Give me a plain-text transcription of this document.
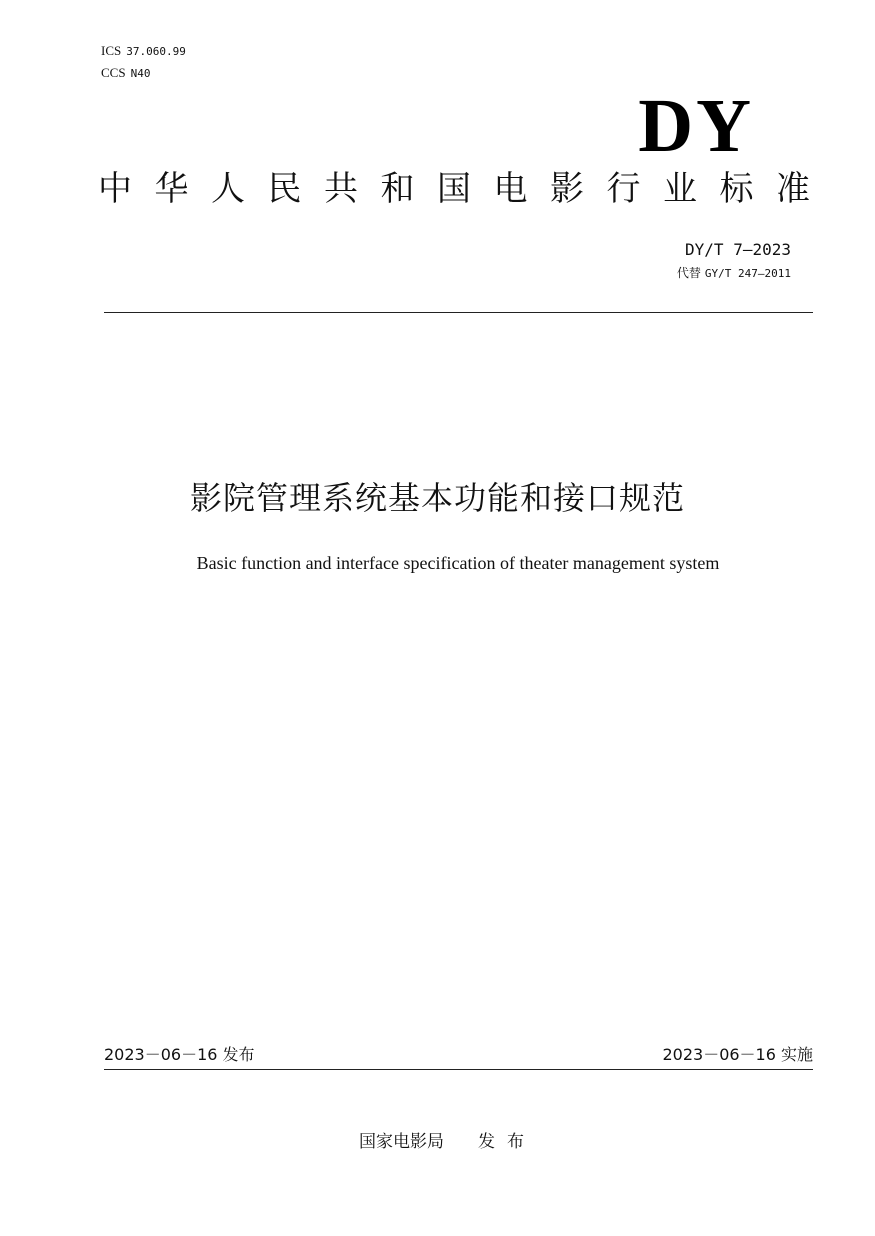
ICS 37.060.99
CCS N40
DY
中 华 人 民 共 和 国 电 影 行 业 标 准
DY/T 7—2023
代替 GY/T 247—2011
影院管理系统基本功能和接口规范
Basic function and interface specification of theater management system
2023－06－16 发布	2023－06－16 实施
国家电影局 发布
